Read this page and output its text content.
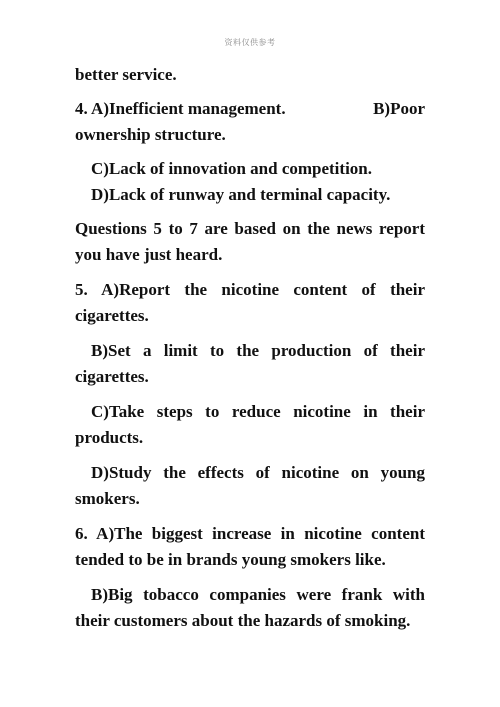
资料仅供参考

better service.

4. A)Inefficient management.	B)Poor

ownership structure.

C)Lack of innovation and competition.

D)Lack of runway and terminal capacity.

Questions 5 to 7 are based on the news report you have just heard.

5. A)Report the nicotine content of their cigarettes.

B)Set a limit to the production of their cigarettes.

C)Take steps to reduce nicotine in their products.

D)Study the effects of nicotine on young smokers.

6. A)The biggest increase in nicotine content tended to be in brands young smokers like.

B)Big tobacco companies were frank with their customers about the hazards of smoking.
